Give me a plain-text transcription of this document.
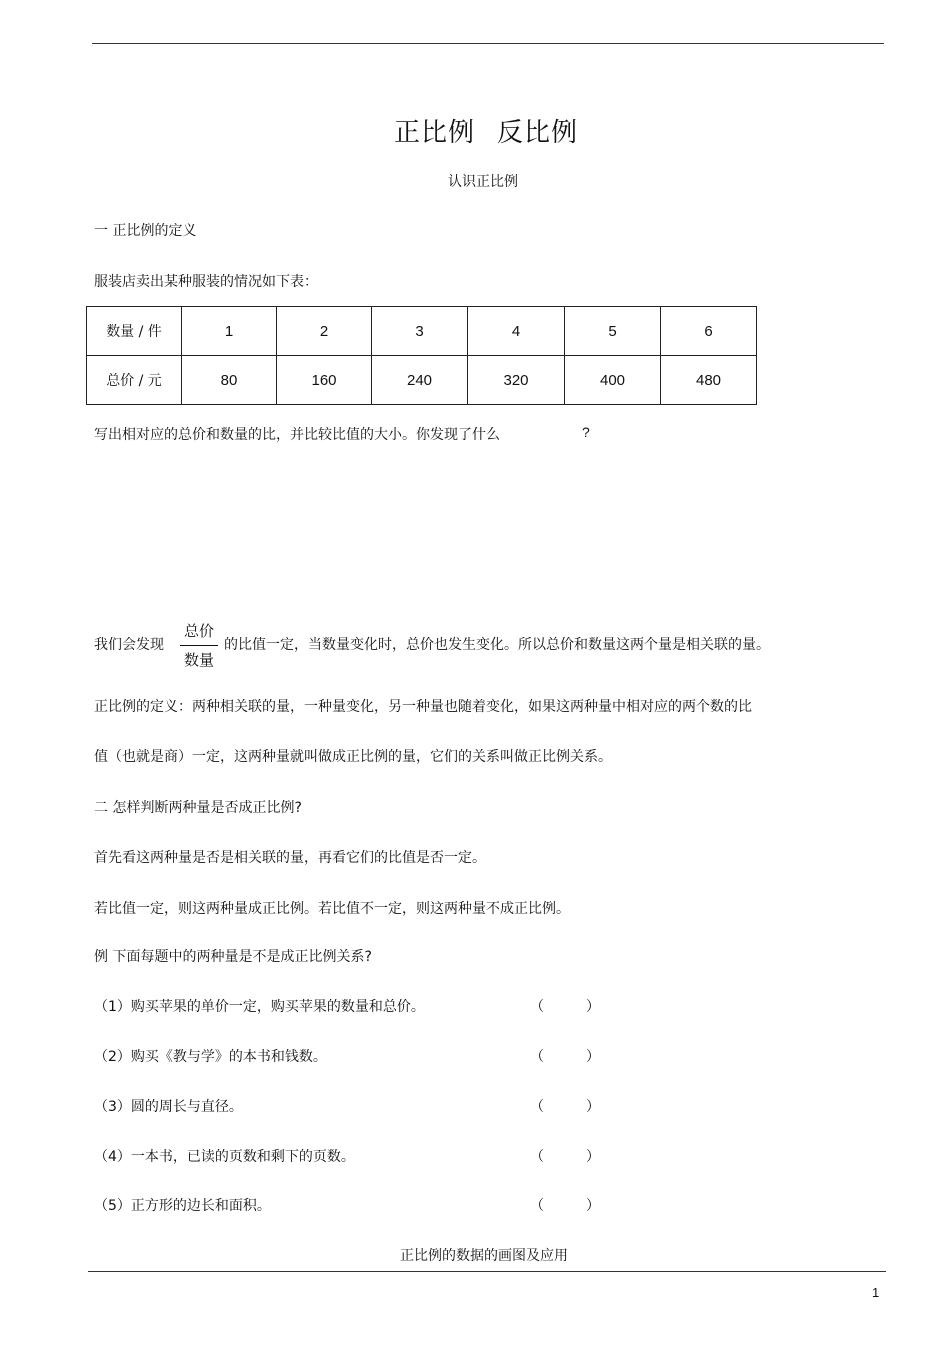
正比例 反比例
认识正比例
一 正比例的定义
服装店卖出某种服装的情况如下表：
数量 / 件	1	2	3	4	5	6
总价 / 元	80	160	240	320	400	480
写出相对应的总价和数量的比，并比较比值的大小。你发现了什么	?
我们会发现
总价
数量
的比值一定，当数量变化时，总价也发生变化。所以总价和数量这两个量是相关联的量。
正比例的定义：两种相关联的量，一种量变化，另一种量也随着变化，如果这两种量中相对应的两个数的比
值（也就是商）一定，这两种量就叫做成正比例的量，它们的关系叫做正比例关系。
二 怎样判断两种量是否成正比例?
首先看这两种量是否是相关联的量，再看它们的比值是否一定。
若比值一定，则这两种量成正比例。若比值不一定，则这两种量不成正比例。
例 下面每题中的两种量是不是成正比例关系?
（1）购买苹果的单价一定，购买苹果的数量和总价。	（	）
（2）购买《教与学》的本书和钱数。	（	）
（3）圆的周长与直径。	（	）
（4）一本书，已读的页数和剩下的页数。	（	）
（5）正方形的边长和面积。	（	）
正比例的数据的画图及应用
1
